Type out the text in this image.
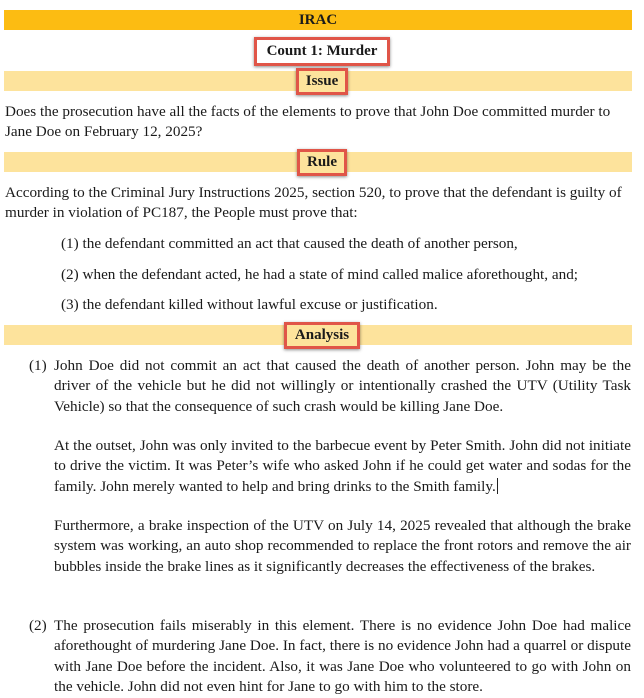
IRAC
Count 1: Murder
Issue

Does the prosecution have all the facts of the elements to prove that John Doe committed murder to Jane Doe on February 12, 2025?

Rule

According to the Criminal Jury Instructions 2025, section 520, to prove that the defendant is guilty of murder in violation of PC187, the People must prove that:

(1) the defendant committed an act that caused the death of another person,
(2) when the defendant acted, he had a state of mind called malice aforethought, and;
(3) the defendant killed without lawful excuse or justification.
Analysis
(1) John Doe did not commit an act that caused the death of another person. John may be the driver of the vehicle but he did not willingly or intentionally crashed the UTV (Utility Task Vehicle) so that the consequence of such crash would be killing Jane Doe.

At the outset, John was only invited to the barbecue event by Peter Smith. John did not initiate to drive the victim. It was Peter’s wife who asked John if he could get water and sodas for the family. John merely wanted to help and bring drinks to the Smith family.

Furthermore, a brake inspection of the UTV on July 14, 2025 revealed that although the brake system was working, an auto shop recommended to replace the front rotors and remove the air bubbles inside the brake lines as it significantly decreases the effectiveness of the brakes.

(2) The prosecution fails miserably in this element. There is no evidence John Doe had malice aforethought of murdering Jane Doe. In fact, there is no evidence John had a quarrel or dispute with Jane Doe before the incident. Also, it was Jane Doe who volunteered to go with John on the vehicle. John did not even hint for Jane to go with him to the store.
